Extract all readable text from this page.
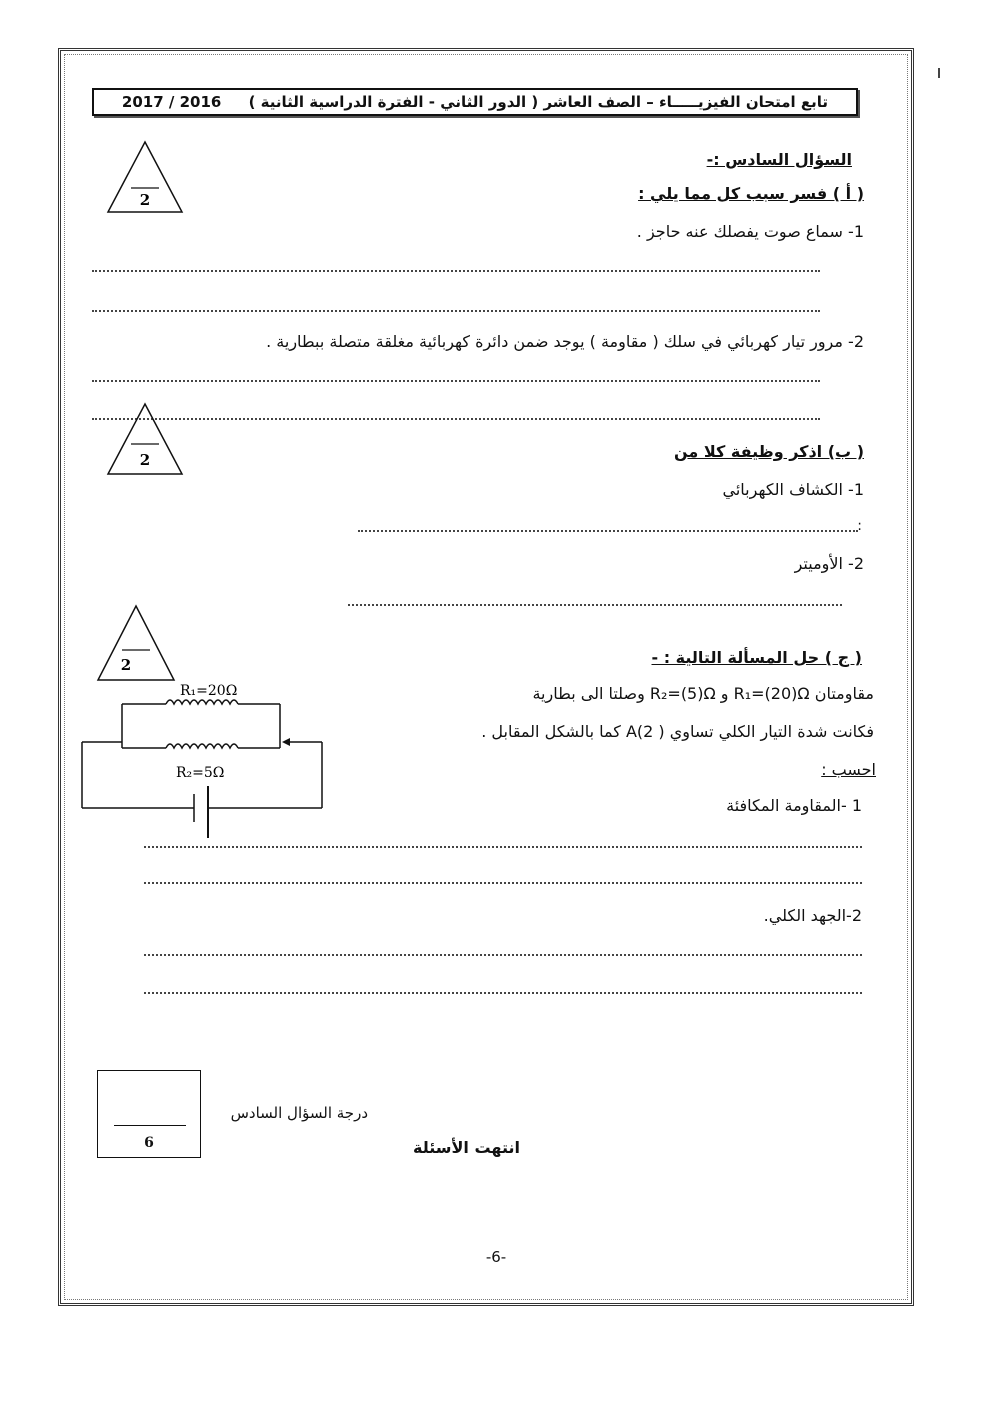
تابع امتحان الفيزيـــــاء – الصف العاشر ( الدور الثاني - الفترة الدراسية الثانية ) 2016 / 2017
2
السؤال السادس :-
( أ ) فسر سبب كل مما يلي :
1- سماع صوت يفصلك عنه حاجز .
2- مرور تيار كهربائي في سلك ( مقاومة ) يوجد ضمن دائرة كهربائية مغلقة متصلة ببطارية .
2	( ب) اذكر وظيفة كلا من
1- الكشاف الكهربائي
:
2- الأوميتر
2	( ج ) حل المسألة التالية : -
مقاومتان R₁=(20)Ω و R₂=(5)Ω وصلتا الى بطارية
فكانت شدة التيار الكلي تساوي A(2 ) كما بالشكل المقابل .
احسب :
1 -المقاومة المكافئة
2-الجهد الكلي.
R₁=20Ω
R₂=5Ω
6
درجة السؤال السادس
انتهت الأسئلة
-6-
